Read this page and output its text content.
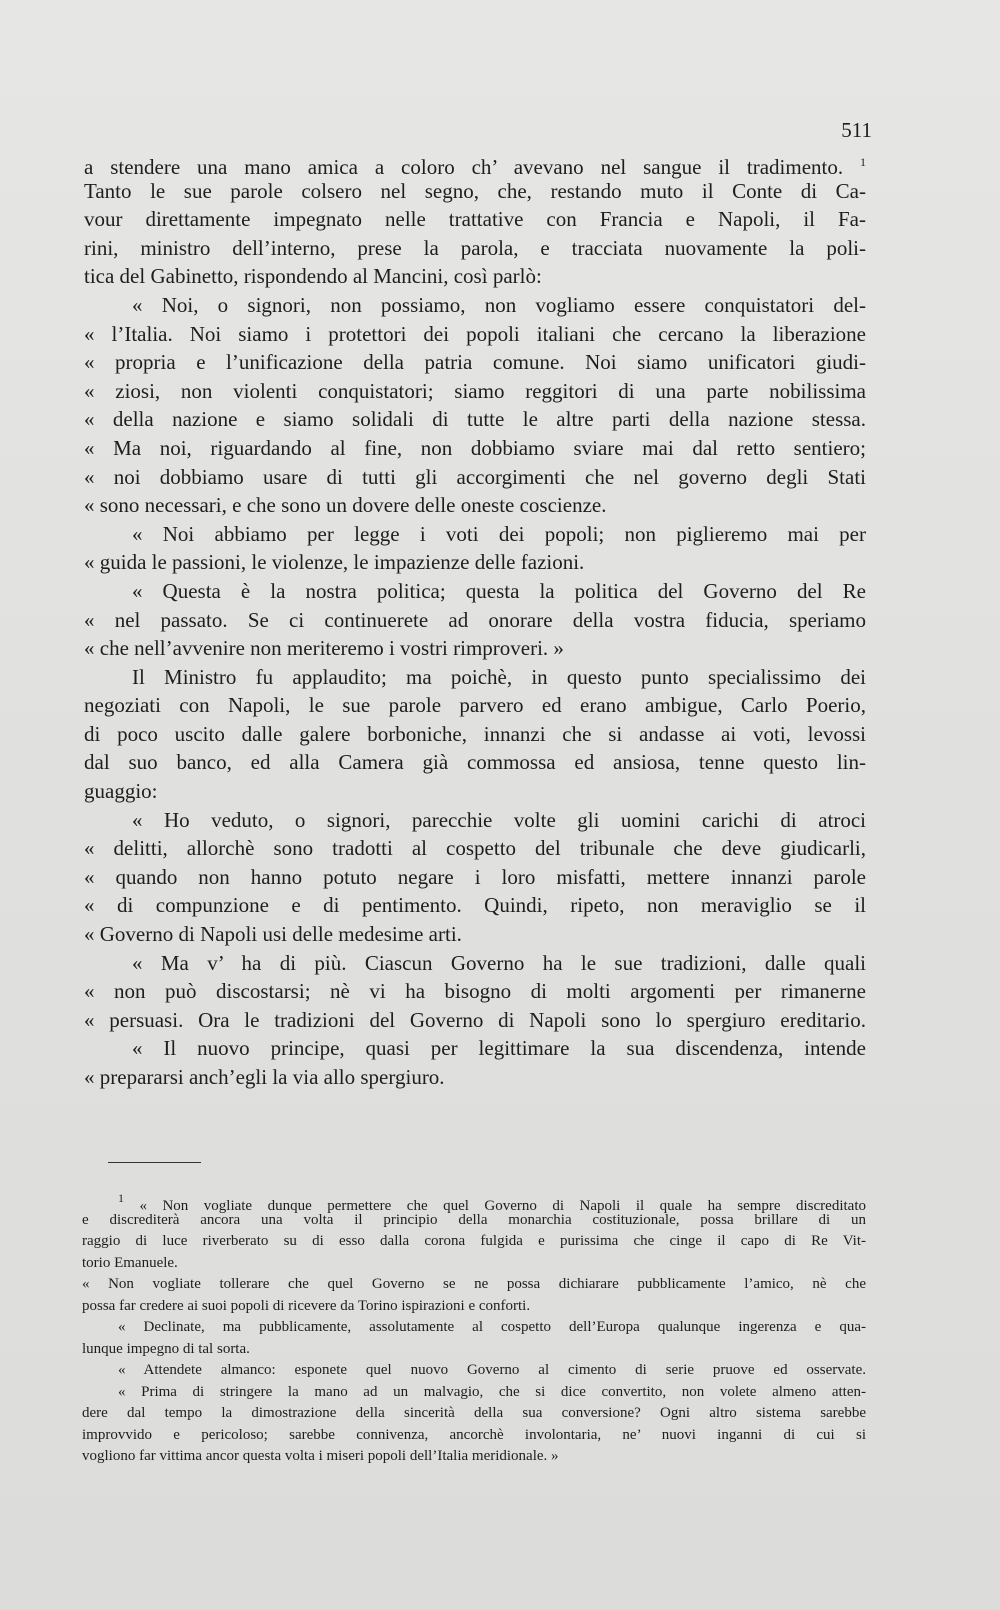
511
a stendere una mano amica a coloro ch’ avevano nel sangue il tradimento. $^1$
Tanto le sue parole colsero nel segno, che, restando muto il Conte di Ca-
vour direttamente impegnato nelle trattative con Francia e Napoli, il Fa-
rini, ministro dell’interno, prese la parola, e tracciata nuovamente la poli-
tica del Gabinetto, rispondendo al Mancini, così parlò:
« Noi, o signori, non possiamo, non vogliamo essere conquistatori del-
« l’Italia. Noi siamo i protettori dei popoli italiani che cercano la liberazione
« propria e l’unificazione della patria comune. Noi siamo unificatori giudi-
« ziosi, non violenti conquistatori; siamo reggitori di una parte nobilissima
« della nazione e siamo solidali di tutte le altre parti della nazione stessa.
« Ma noi, riguardando al fine, non dobbiamo sviare mai dal retto sentiero;
« noi dobbiamo usare di tutti gli accorgimenti che nel governo degli Stati
« sono necessari, e che sono un dovere delle oneste coscienze.
« Noi abbiamo per legge i voti dei popoli; non piglieremo mai per
« guida le passioni, le violenze, le impazienze delle fazioni.
« Questa è la nostra politica; questa la politica del Governo del Re
« nel passato. Se ci continuerete ad onorare della vostra fiducia, speriamo
« che nell’avvenire non meriteremo i vostri rimproveri. »
Il Ministro fu applaudito; ma poichè, in questo punto specialissimo dei
negoziati con Napoli, le sue parole parvero ed erano ambigue, Carlo Poerio,
di poco uscito dalle galere borboniche, innanzi che si andasse ai voti, levossi
dal suo banco, ed alla Camera già commossa ed ansiosa, tenne questo lin-
guaggio:
« Ho veduto, o signori, parecchie volte gli uomini carichi di atroci
« delitti, allorchè sono tradotti al cospetto del tribunale che deve giudicarli,
« quando non hanno potuto negare i loro misfatti, mettere innanzi parole
« di compunzione e di pentimento. Quindi, ripeto, non meraviglio se il
« Governo di Napoli usi delle medesime arti.
« Ma v’ ha di più. Ciascun Governo ha le sue tradizioni, dalle quali
« non può discostarsi; nè vi ha bisogno di molti argomenti per rimanerne
« persuasi. Ora le tradizioni del Governo di Napoli sono lo spergiuro ereditario.
« Il nuovo principe, quasi per legittimare la sua discendenza, intende
« prepararsi anch’egli la via allo spergiuro.
$^1$ « Non vogliate dunque permettere che quel Governo di Napoli il quale ha sempre discreditato
e discrediterà ancora una volta il principio della monarchia costituzionale, possa brillare di un
raggio di luce riverberato su di esso dalla corona fulgida e purissima che cinge il capo di Re Vit-
torio Emanuele.
« Non vogliate tollerare che quel Governo se ne possa dichiarare pubblicamente l’amico, nè che
possa far credere ai suoi popoli di ricevere da Torino ispirazioni e conforti.
« Declinate, ma pubblicamente, assolutamente al cospetto dell’Europa qualunque ingerenza e qua-
lunque impegno di tal sorta.
« Attendete almanco: esponete quel nuovo Governo al cimento di serie pruove ed osservate.
« Prima di stringere la mano ad un malvagio, che si dice convertito, non volete almeno atten-
dere dal tempo la dimostrazione della sincerità della sua conversione? Ogni altro sistema sarebbe
improvvido e pericoloso; sarebbe connivenza, ancorchè involontaria, ne’ nuovi inganni di cui si
vogliono far vittima ancor questa volta i miseri popoli dell’Italia meridionale. »
